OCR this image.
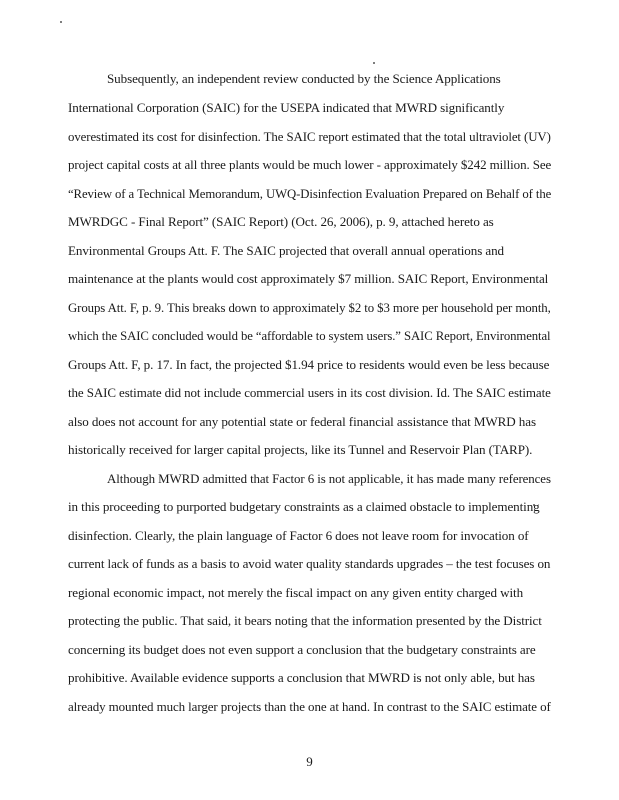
Subsequently, an independent review conducted by the Science Applications
International Corporation (SAIC) for the USEPA indicated that MWRD significantly
overestimated its cost for disinfection. The SAIC report estimated that the total ultraviolet (UV)
project capital costs at all three plants would be much lower - approximately $242 million. See
“Review of a Technical Memorandum, UWQ-Disinfection Evaluation Prepared on Behalf of the
MWRDGC - Final Report” (SAIC Report) (Oct. 26, 2006), p. 9, attached hereto as
Environmental Groups Att. F. The SAIC projected that overall annual operations and
maintenance at the plants would cost approximately $7 million. SAIC Report, Environmental
Groups Att. F, p. 9. This breaks down to approximately $2 to $3 more per household per month,
which the SAIC concluded would be “affordable to system users.” SAIC Report, Environmental
Groups Att. F, p. 17. In fact, the projected $1.94 price to residents would even be less because
the SAIC estimate did not include commercial users in its cost division. Id. The SAIC estimate
also does not account for any potential state or federal financial assistance that MWRD has
historically received for larger capital projects, like its Tunnel and Reservoir Plan (TARP).
Although MWRD admitted that Factor 6 is not applicable, it has made many references
in this proceeding to purported budgetary constraints as a claimed obstacle to implementing
disinfection. Clearly, the plain language of Factor 6 does not leave room for invocation of
current lack of funds as a basis to avoid water quality standards upgrades – the test focuses on
regional economic impact, not merely the fiscal impact on any given entity charged with
protecting the public. That said, it bears noting that the information presented by the District
concerning its budget does not even support a conclusion that the budgetary constraints are
prohibitive. Available evidence supports a conclusion that MWRD is not only able, but has
already mounted much larger projects than the one at hand. In contrast to the SAIC estimate of
9
